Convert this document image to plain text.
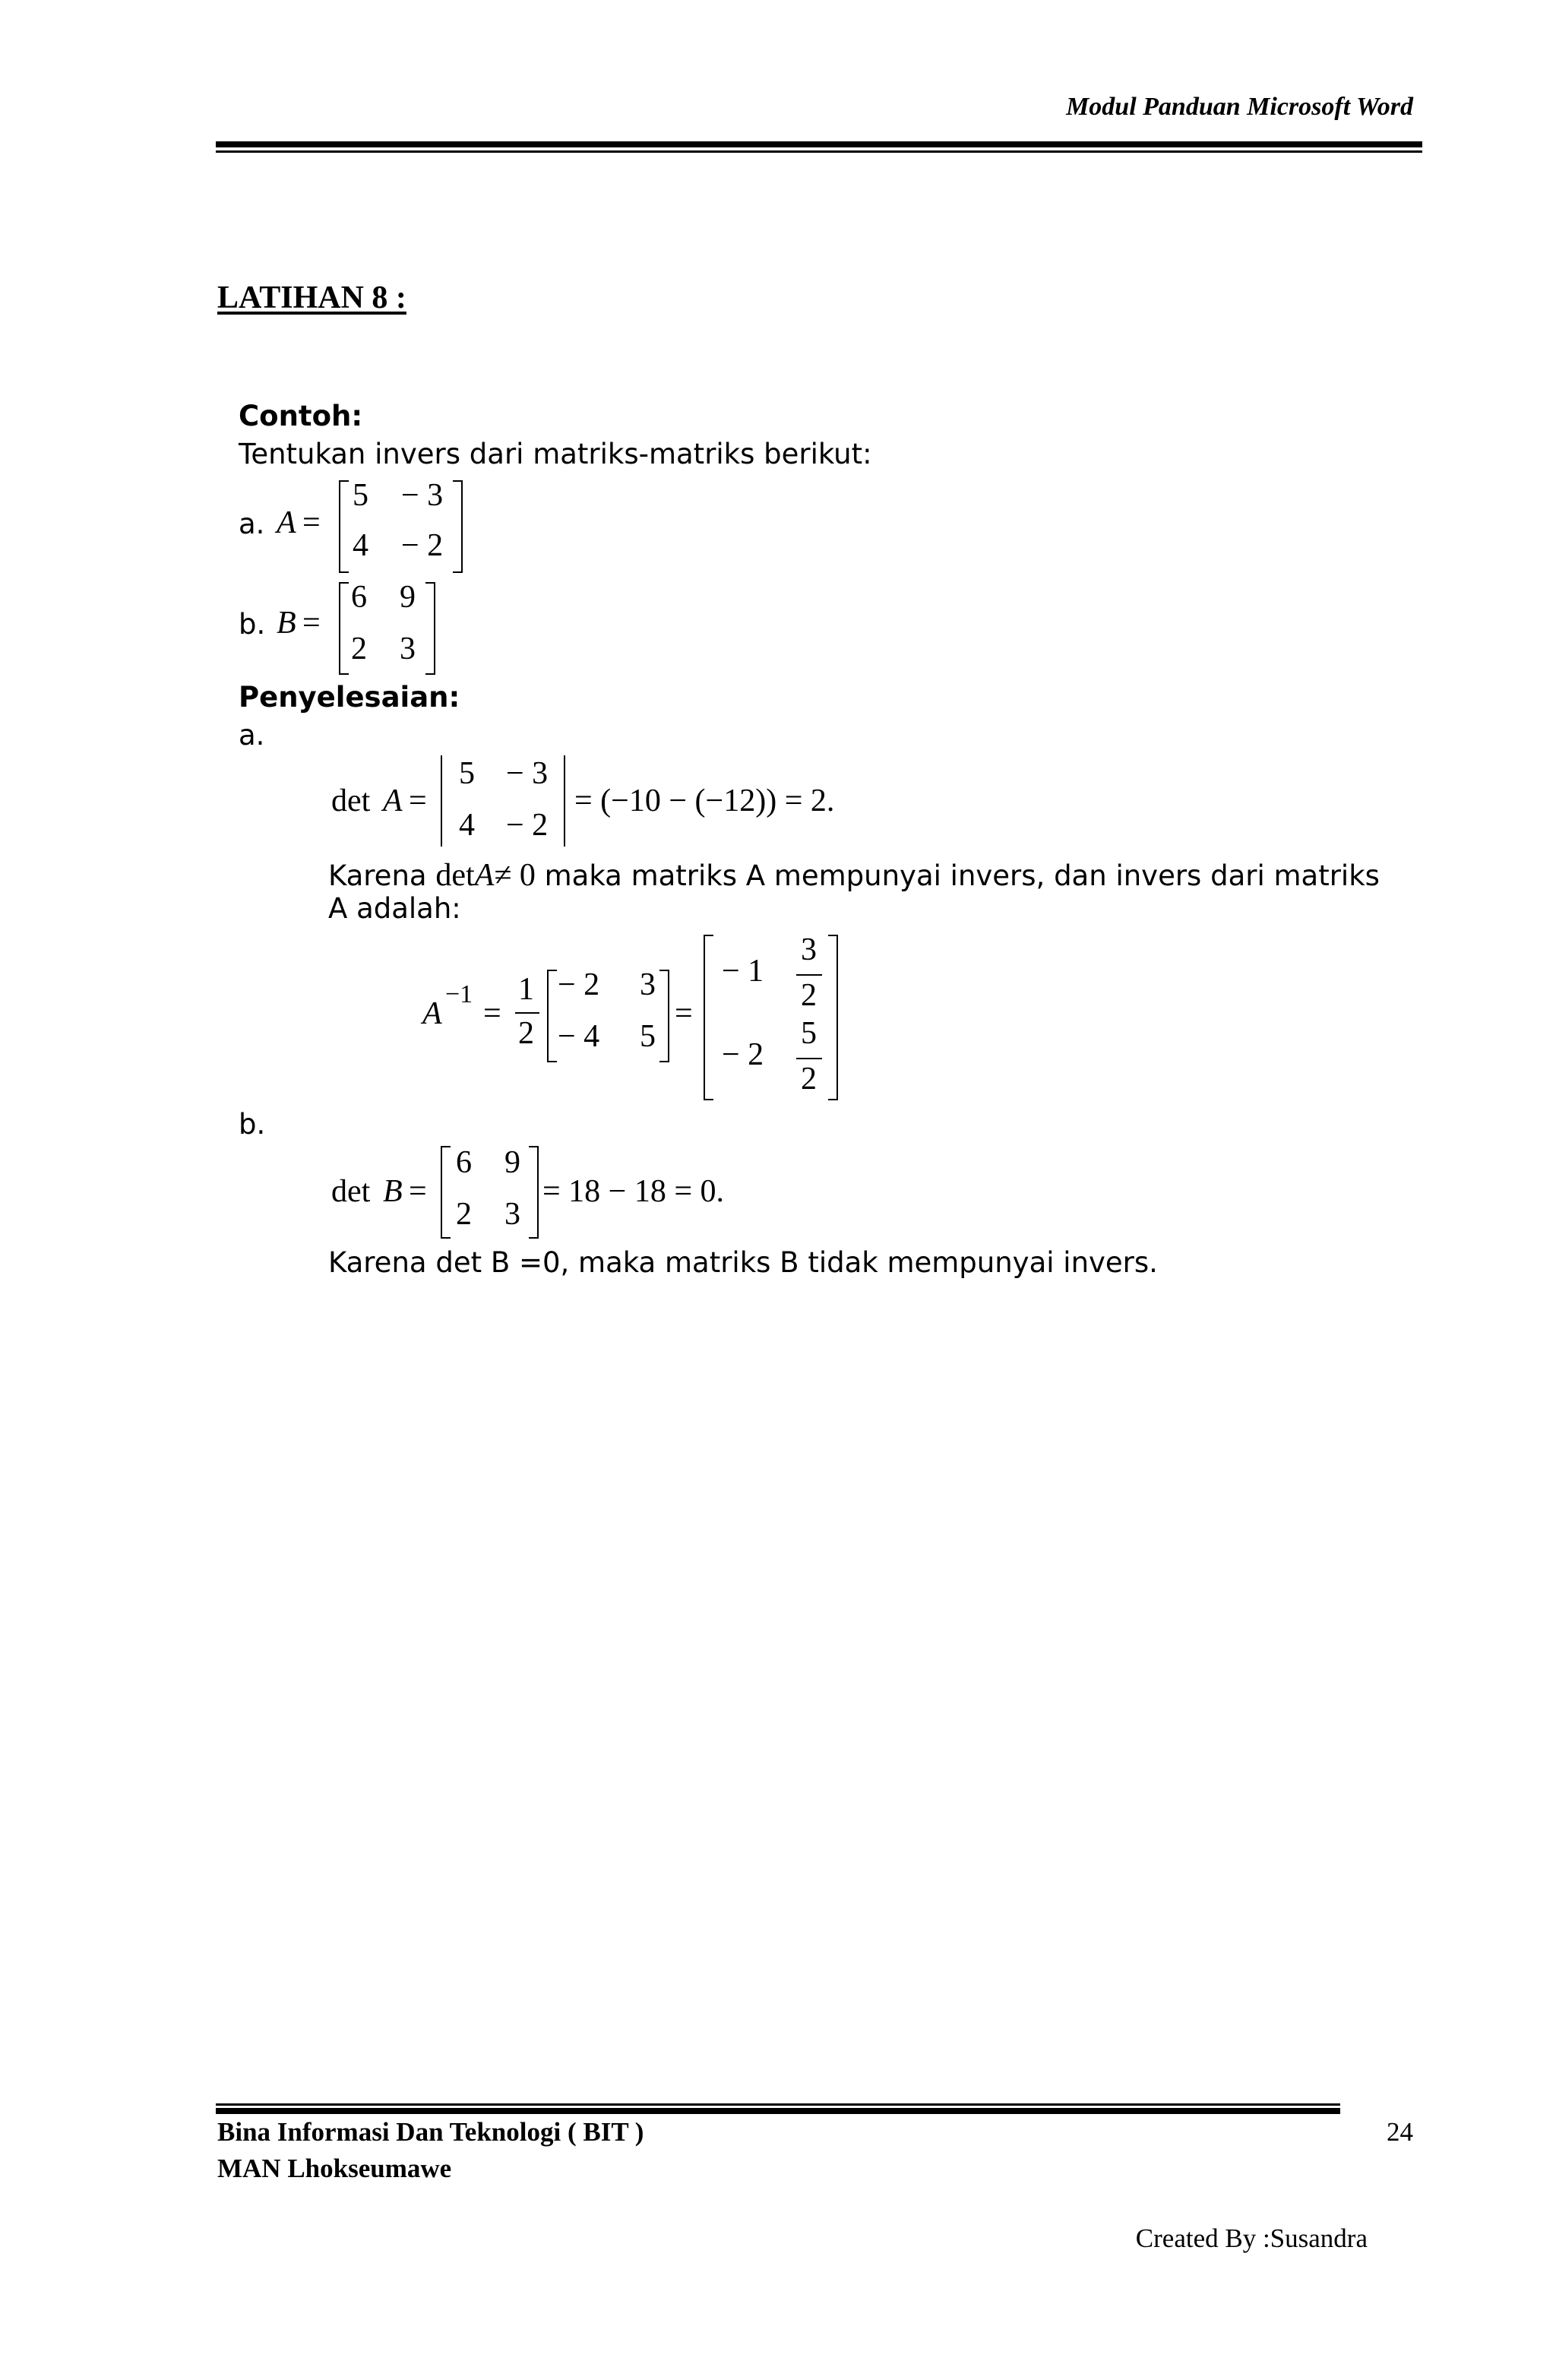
Modul Panduan Microsoft Word
LATIHAN 8 :
Contoh:
Tentukan invers dari matriks-matriks berikut:
a. A =
5 − 3
4 − 2
b. B =
6 9
2 3
Penyelesaian:
a.
det A =
5 − 3
4 − 2
= (−10 − (−12)) = 2.
Karena detA≠ 0 maka matriks A mempunyai invers, dan invers dari matriks
A adalah:
A
−1
=
1
2
− 2 3
− 4 5
=
− 1
3
2
− 2
5
2
b.
det B =
6 9
2 3
= 18 − 18 = 0.
Karena det B =0, maka matriks B tidak mempunyai invers.
Bina Informasi Dan Teknologi ( BIT )
MAN Lhokseumawe
24
Created By :Susandra
